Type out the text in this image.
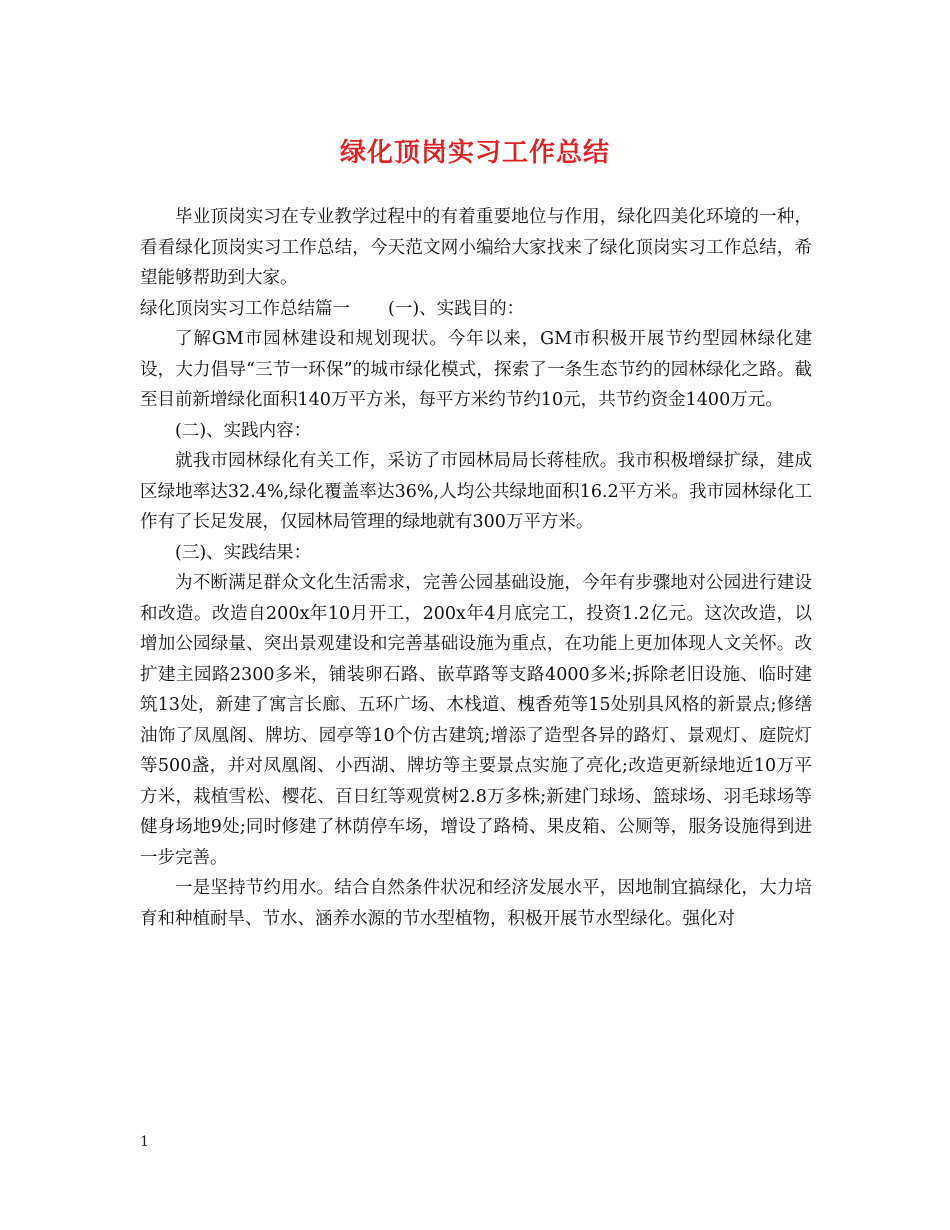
绿化顶岗实习工作总结

毕业顶岗实习在专业教学过程中的有着重要地位与作用，绿化四美化环境的一种，看看绿化顶岗实习工作总结，今天范文网小编给大家找来了绿化顶岗实习工作总结，希望能够帮助到大家。

绿化顶岗实习工作总结篇一 (一)、实践目的：

了解GM市园林建设和规划现状。今年以来，GM市积极开展节约型园林绿化建设，大力倡导“三节一环保”的城市绿化模式，探索了一条生态节约的园林绿化之路。截至目前新增绿化面积140万平方米，每平方米约节约10元，共节约资金1400万元。

(二)、实践内容：

就我市园林绿化有关工作，采访了市园林局局长蒋桂欣。我市积极增绿扩绿，建成区绿地率达32.4%,绿化覆盖率达36%,人均公共绿地面积16.2平方米。我市园林绿化工作有了长足发展，仅园林局管理的绿地就有300万平方米。

(三)、实践结果：

为不断满足群众文化生活需求，完善公园基础设施，今年有步骤地对公园进行建设和改造。改造自200x年10月开工，200x年4月底完工，投资1.2亿元。这次改造，以增加公园绿量、突出景观建设和完善基础设施为重点，在功能上更加体现人文关怀。改扩建主园路2300多米，铺装卵石路、嵌草路等支路4000多米;拆除老旧设施、临时建筑13处，新建了寓言长廊、五环广场、木栈道、槐香苑等15处别具风格的新景点;修缮油饰了凤凰阁、牌坊、园亭等10个仿古建筑;增添了造型各异的路灯、景观灯、庭院灯等500盏，并对凤凰阁、小西湖、牌坊等主要景点实施了亮化;改造更新绿地近10万平方米，栽植雪松、樱花、百日红等观赏树2.8万多株;新建门球场、篮球场、羽毛球场等健身场地9处;同时修建了林荫停车场，增设了路椅、果皮箱、公厕等，服务设施得到进一步完善。

一是坚持节约用水。结合自然条件状况和经济发展水平，因地制宜搞绿化，大力培育和种植耐旱、节水、涵养水源的节水型植物，积极开展节水型绿化。强化对

1
